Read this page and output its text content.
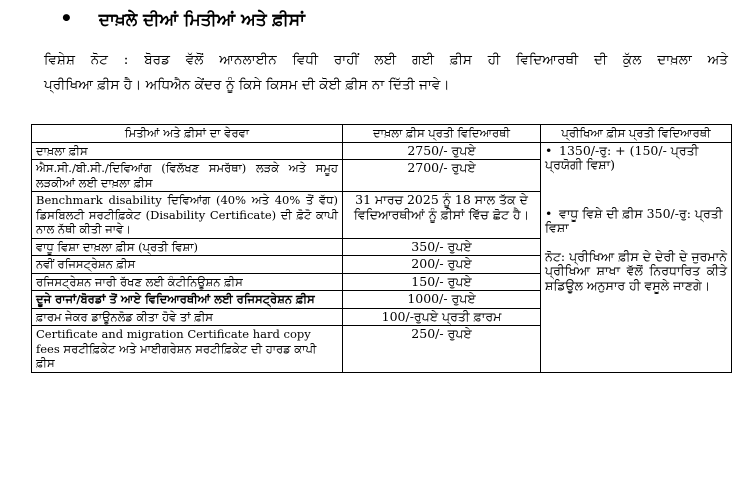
• ਦਾਖ਼ਲੇ ਦੀਆਂ ਮਿਤੀਆਂ ਅਤੇ ਫ਼ੀਸਾਂ
ਵਿਸ਼ੇਸ਼ ਨੋਟ : ਬੋਰਡ ਵੱਲੋਂ ਆਨਲਾਈਨ ਵਿਧੀ ਰਾਹੀਂ ਲਈ ਗਈ ਫ਼ੀਸ ਹੀ ਵਿਦਿਆਰਥੀ ਦੀ ਕੁੱਲ ਦਾਖ਼ਲਾ ਅਤੇ
ਪ੍ਰੀਖਿਆ ਫ਼ੀਸ ਹੈ। ਅਧਿਐਨ ਕੇਂਦਰ ਨੂੰ ਕਿਸੇ ਕਿਸਮ ਦੀ ਕੋਈ ਫ਼ੀਸ ਨਾ ਦਿੱਤੀ ਜਾਵੇ।
ਮਿਤੀਆਂ ਅਤੇ ਫ਼ੀਸਾਂ ਦਾ ਵੇਰਵਾ	ਦਾਖ਼ਲਾ ਫ਼ੀਸ ਪ੍ਰਤੀ ਵਿਦਿਆਰਥੀ	ਪ੍ਰੀਖਿਆ ਫ਼ੀਸ ਪ੍ਰਤੀ ਵਿਦਿਆਰਥੀ
ਦਾਖ਼ਲਾ ਫ਼ੀਸ	2750/- ਰੁਪਏ	• 1350/-ਰੁ: + (150/- ਪ੍ਰਤੀ ਪ੍ਰਯੋਗੀ ਵਿਸ਼ਾ)

• ਵਾਧੂ ਵਿਸ਼ੇ ਦੀ ਫ਼ੀਸ 350/-ਰੁ: ਪ੍ਰਤੀ ਵਿਸ਼ਾ

ਨੋਟ: ਪ੍ਰੀਖਿਆ ਫ਼ੀਸ ਦੇ ਦੇਰੀ ਦੇ ਜੁਰਮਾਨੇ ਪ੍ਰੀਖਿਆ ਸ਼ਾਖਾ ਵੱਲੋਂ ਨਿਰਧਾਰਿਤ ਕੀਤੇ ਸ਼ਡਿਊਲ ਅਨੁਸਾਰ ਹੀ ਵਸੂਲੇ ਜਾਣਗੇ।

ਐਸ.ਸੀ./ਬੀ.ਸੀ./ਦਿਵਿਆਂਗ (ਵਿਲੱਖਣ ਸਮਰੱਥਾ) ਲੜਕੇ ਅਤੇ ਸਮੂਹ ਲੜਕੀਆਂ ਲਈ ਦਾਖ਼ਲਾ ਫ਼ੀਸ	2700/- ਰੁਪਏ	
Benchmark disability ਦਿਵਿਆਂਗ (40% ਅਤੇ 40% ਤੋਂ ਵੱਧ) ਡਿਸਬਿਲਟੀ ਸਰਟੀਫ਼ਿਕੇਟ (Disability Certificate) ਦੀ ਫ਼ੋਟੋ ਕਾਪੀ ਨਾਲ ਨੱਥੀ ਕੀਤੀ ਜਾਵੇ।	31 ਮਾਰਚ 2025 ਨੂੰ 18 ਸਾਲ ਤੱਕ ਦੇ ਵਿਦਿਆਰਥੀਆਂ ਨੂੰ ਫ਼ੀਸਾਂ ਵਿੱਚ ਛੋਟ ਹੈ।	
ਵਾਧੂ ਵਿਸ਼ਾ ਦਾਖ਼ਲਾ ਫ਼ੀਸ (ਪ੍ਰਤੀ ਵਿਸ਼ਾ)	350/- ਰੁਪਏ	
ਨਵੀਂ ਰਜਿਸਟ੍ਰੇਸ਼ਨ ਫ਼ੀਸ	200/- ਰੁਪਏ	
ਰਜਿਸਟ੍ਰੇਸ਼ਨ ਜਾਰੀ ਰੱਖਣ ਲਈ ਕੰਟੀਨਿਊਸ਼ਨ ਫ਼ੀਸ	150/- ਰੁਪਏ	
ਦੂਜੇ ਰਾਜਾਂ/ਬੋਰਡਾਂ ਤੋਂ ਆਏ ਵਿਦਿਆਰਥੀਆਂ ਲਈ ਰਜਿਸਟ੍ਰੇਸ਼ਨ ਫ਼ੀਸ	1000/- ਰੁਪਏ	
ਫ਼ਾਰਮ ਜੇਕਰ ਡਾਊਨਲੋਡ ਕੀਤਾ ਹੋਵੇ ਤਾਂ ਫ਼ੀਸ	100/-ਰੁਪਏ ਪ੍ਰਤੀ ਫ਼ਾਰਮ	
Certificate and migration Certificate hard copy fees ਸਰਟੀਫ਼ਿਕੇਟ ਅਤੇ ਮਾਈਗਰੇਸ਼ਨ ਸਰਟੀਫ਼ਿਕੇਟ ਦੀ ਹਾਰਡ ਕਾਪੀ ਫ਼ੀਸ	250/- ਰੁਪਏ	
